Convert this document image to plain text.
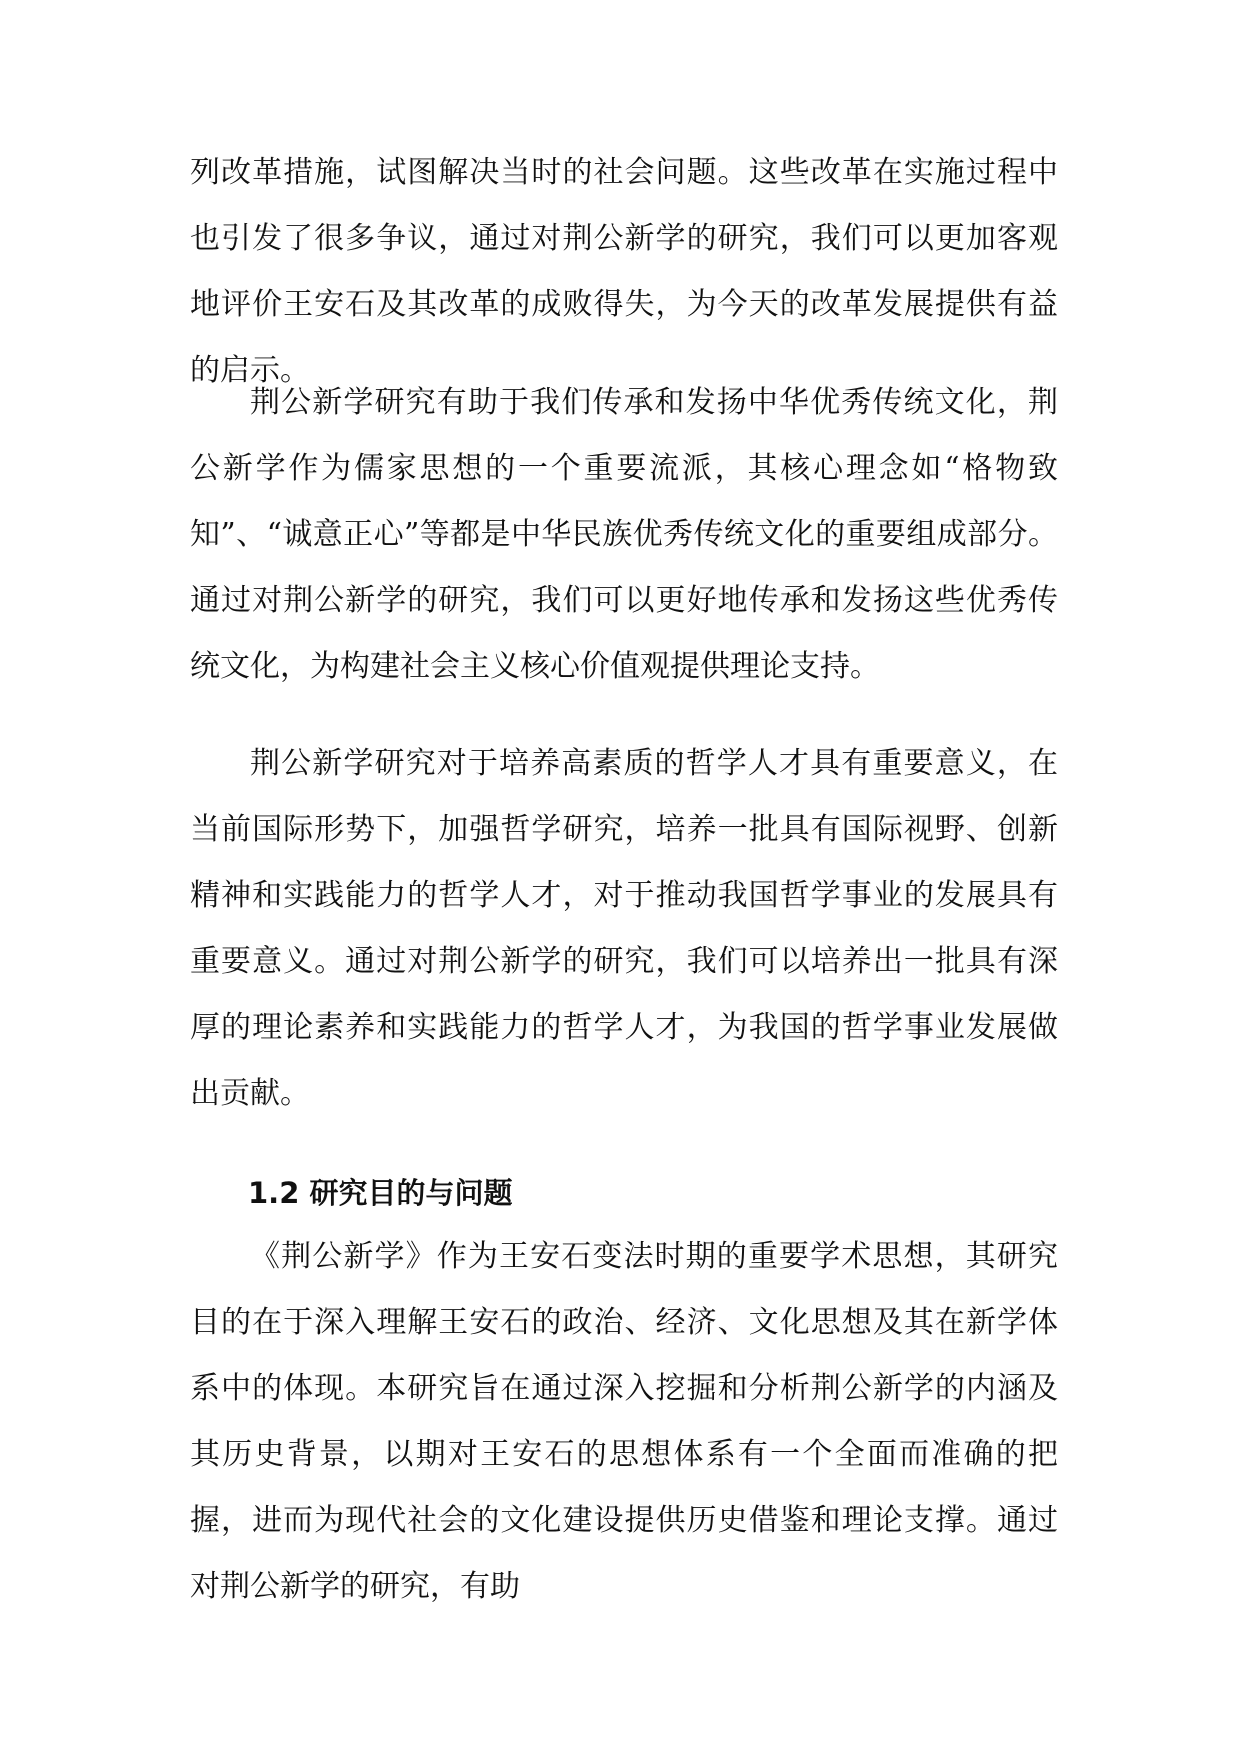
列改革措施，试图解决当时的社会问题。这些改革在实施过程中也引发了很多争议，通过对荆公新学的研究，我们可以更加客观地评价王安石及其改革的成败得失，为今天的改革发展提供有益的启示。

荆公新学研究有助于我们传承和发扬中华优秀传统文化，荆公新学作为儒家思想的一个重要流派，其核心理念如“格物致知”、“诚意正心”等都是中华民族优秀传统文化的重要组成部分。通过对荆公新学的研究，我们可以更好地传承和发扬这些优秀传统文化，为构建社会主义核心价值观提供理论支持。

荆公新学研究对于培养高素质的哲学人才具有重要意义，在当前国际形势下，加强哲学研究，培养一批具有国际视野、创新精神和实践能力的哲学人才，对于推动我国哲学事业的发展具有重要意义。通过对荆公新学的研究，我们可以培养出一批具有深厚的理论素养和实践能力的哲学人才，为我国的哲学事业发展做出贡献。

1.2 研究目的与问题

《荆公新学》作为王安石变法时期的重要学术思想，其研究目的在于深入理解王安石的政治、经济、文化思想及其在新学体系中的体现。本研究旨在通过深入挖掘和分析荆公新学的内涵及其历史背景，以期对王安石的思想体系有一个全面而准确的把握，进而为现代社会的文化建设提供历史借鉴和理论支撑。通过对荆公新学的研究，有助
